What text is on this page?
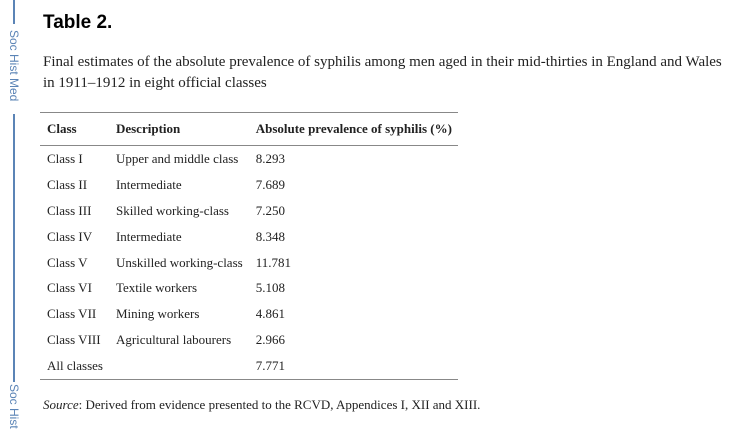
Soc Hist Med
Soc Hist
Table 2.

Final estimates of the absolute prevalence of syphilis among men aged in their mid-thirties in England and Wales in 1911–1912 in eight official classes

Class	Description	Absolute prevalence of syphilis (%)
Class I	Upper and middle class	8.293
Class II	Intermediate	7.689
Class III	Skilled working-class	7.250
Class IV	Intermediate	8.348
Class V	Unskilled working-class	11.781
Class VI	Textile workers	5.108
Class VII	Mining workers	4.861
Class VIII	Agricultural labourers	2.966
All classes		7.771

Source: Derived from evidence presented to the RCVD, Appendices I, XII and XIII.
